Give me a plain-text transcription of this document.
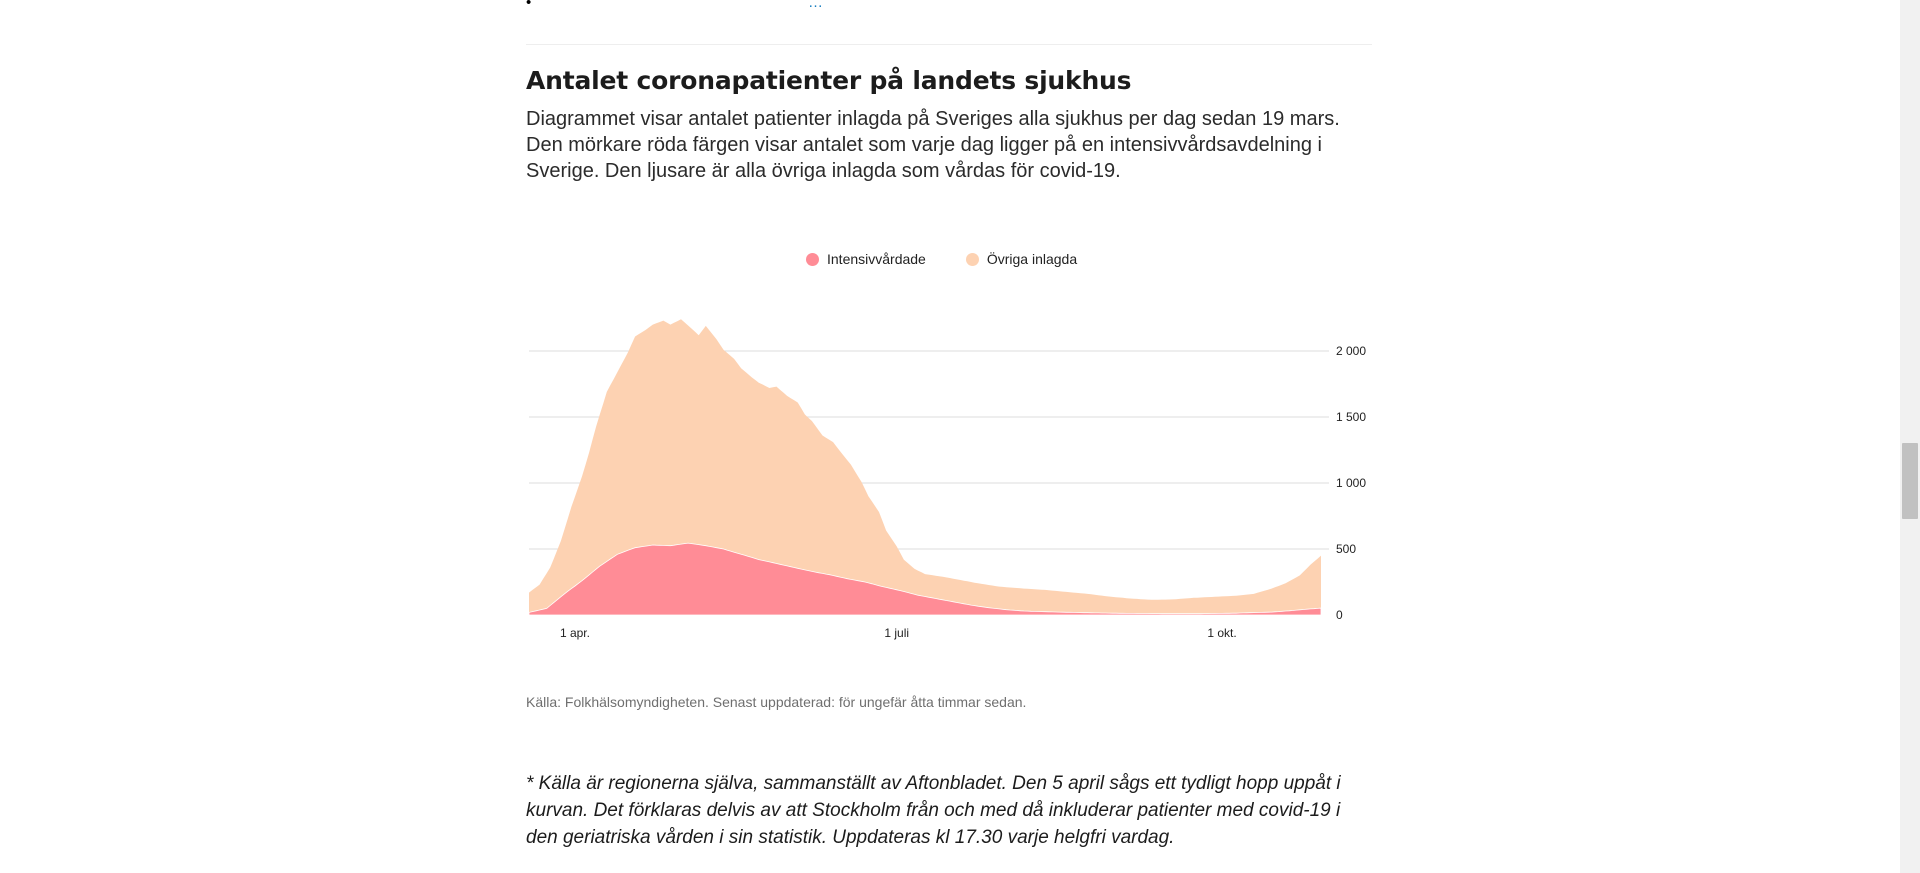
•	…
Antalet coronapatienter på landets sjukhus

Diagrammet visar antalet patienter inlagda på Sveriges alla sjukhus per dag sedan 19 mars. Den mörkare röda färgen visar antalet som varje dag ligger på en intensivvårdsavdelning i Sverige. Den ljusare är alla övriga inlagda som vårdas för covid-19.

Intensivvårdade	Övriga inlagda
0
500
1 000
1 500
2 000
1 apr.	1 juli	1 okt.

Källa: Folkhälsomyndigheten. Senast uppdaterad: för ungefär åtta timmar sedan.

* Källa är regionerna själva, sammanställt av Aftonbladet. Den 5 april sågs ett tydligt hopp uppåt i kurvan. Det förklaras delvis av att Stockholm från och med då inkluderar patienter med covid-19 i den geriatriska vården i sin statistik. Uppdateras kl 17.30 varje helgfri vardag.
